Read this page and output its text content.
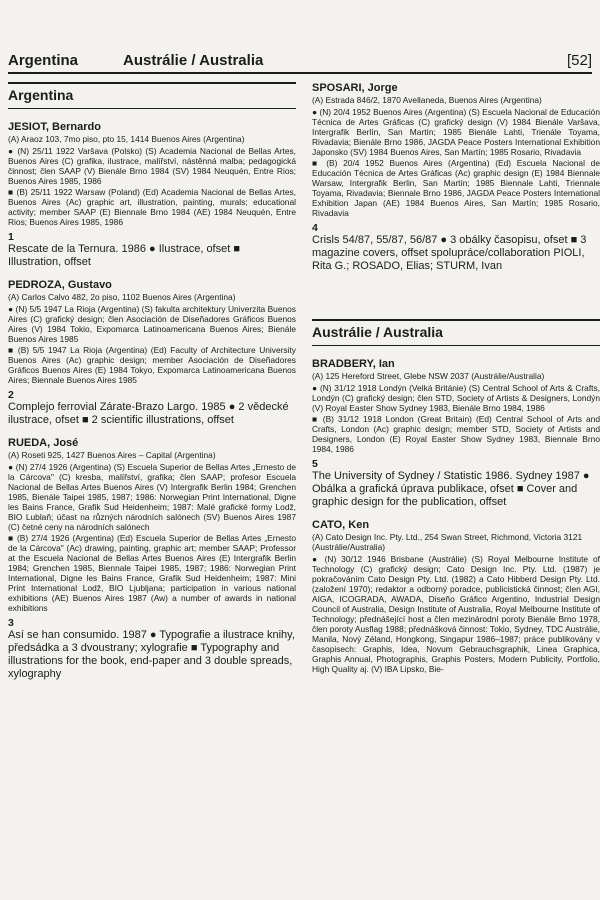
Argentina	Austrálie / Australia	[52]
Argentina
JESIOT, Bernardo
(A) Araoz 103, 7mo piso, pto 15, 1414 Buenos Aires (Argentina)
● (N) 25/11 1922 Varšava (Polsko) (S) Academia Nacional de Bellas Artes, Buenos Aires (C) grafika, ilustrace, malířství, nástěnná malba; pedagogická činnost; člen SAAP (V) Bienále Brno 1984 (SV) 1984 Neuquén, Entre Rios; Buenos Aires 1985, 1986
■ (B) 25/11 1922 Warsaw (Poland) (Ed) Academia Nacional de Bellas Artes, Buenos Aires (Ac) graphic art, illustration, painting, murals; educational activity; member SAAP (E) Biennale Brno 1984 (AE) 1984 Neuquén, Entre Rios; Buenos Aires 1985, 1986
1
Rescate de la Ternura. 1986 ● Ilustrace, ofset ■ Illustration, offset
PEDROZA, Gustavo
(A) Carlos Calvo 482, 2o piso, 1102 Buenos Aires (Argentina)
● (N) 5/5 1947 La Rioja (Argentina) (S) fakulta architektury Univerzita Buenos Aires (C) grafický design; člen Asociación de Diseñadores Gráficos Buenos Aires (V) 1984 Tokio, Expomarca Latinoamericana Buenos Aires; Bienále Buenos Aires 1985
■ (B) 5/5 1947 La Rioja (Argentina) (Ed) Faculty of Architecture University Buenos Aires (Ac) graphic design; member Asociación de Diseñadores Gráficos Buenos Aires (E) 1984 Tokyo, Expomarca Latinoamericana Buenos Aires; Biennale Buenos Aires 1985
2
Complejo ferrovial Zárate-Brazo Largo. 1985 ● 2 vědecké ilustrace, ofset ■ 2 scientific illustrations, offset
RUEDA, José
(A) Roseti 925, 1427 Buenos Aires – Capital (Argentina)
● (N) 27/4 1926 (Argentina) (S) Escuela Superior de Bellas Artes „Ernesto de la Cárcova" (C) kresba, malířství, grafika; člen SAAP; profesor Escuela Nacional de Bellas Artes Buenos Aires (V) Intergrafik Berlin 1984; Grenchen 1985, Bienále Taipei 1985, 1987; 1986: Norwegian Print International, Digne les Bains France, Grafik Sud Heidenheim; 1987: Malé grafické formy Lodž, BIO Lublaň; účast na různých národních salónech (SV) Buenos Aires 1987 (C) četné ceny na národních salónech
■ (B) 27/4 1926 (Argentina) (Ed) Escuela Superior de Bellas Artes „Ernesto de la Cárcova" (Ac) drawing, painting, graphic art; member SAAP; Professor at the Escuela Nacional de Bellas Artes Buenos Aires (E) Intergrafik Berlin 1984; Grenchen 1985, Biennale Taipei 1985, 1987; 1986: Norwegian Print International, Digne les Bains France, Grafik Sud Heidenheim; 1987: Mini Print International Lodž, BIO Ljubljana; participation in various national exhibitions (AE) Buenos Aires 1987 (Aw) a number of awards in national exhibitions
3
Así se han consumido. 1987 ● Typografie a ilustrace knihy, předsádka a 3 dvoustrany; xylografie ■ Typography and illustrations for the book, end-paper and 3 double spreads, xylography
SPOSARI, Jorge
(A) Estrada 846/2, 1870 Avellaneda, Buenos Aires (Argentina)
● (N) 20/4 1952 Buenos Aires (Argentina) (S) Escuela Nacional de Educación Técnica de Artes Gráficas (C) grafický design (V) 1984 Bienále Varšava, Intergrafik Berlín, San Martín; 1985 Bienále Lahti, Trienále Toyama, Rivadavia; Bienále Brno 1986, JAGDA Peace Posters International Exhibition Japonsko (SV) 1984 Buenos Aires, San Martín; 1985 Rosario, Rivadavia
■ (B) 20/4 1952 Buenos Aires (Argentina) (Ed) Escuela Nacional de Educación Técnica de Artes Gráficas (Ac) graphic design (E) 1984 Biennale Warsaw, Intergrafik Berlin, San Martín; 1985 Biennale Lahti, Triennale Toyama, Rivadavia; Biennale Brno 1986, JAGDA Peace Posters International Exhibition Japan (AE) 1984 Buenos Aires, San Martín; 1985 Rosario, Rivadavia
4
Crisls 54/87, 55/87, 56/87 ● 3 obálky časopisu, ofset ■ 3 magazine covers, offset spolupráce/collaboration PIOLI, Rita G.; ROSADO, Elias; STURM, Ivan
Austrálie / Australia
BRADBERY, Ian
(A) 125 Hereford Street, Glebe NSW 2037 (Austrálie/Australia)
● (N) 31/12 1918 Londýn (Velká Británie) (S) Central School of Arts & Crafts, Londýn (C) grafický design; člen STD, Society of Artists & Designers, Londýn (V) Royal Easter Show Sydney 1983, Bienále Brno 1984, 1986
■ (B) 31/12 1918 London (Great Britain) (Ed) Central School of Arts and Crafts, London (Ac) graphic design; member STD, Society of Artists and Designers, London (E) Royal Easter Show Sydney 1983, Biennale Brno 1984, 1986
5
The University of Sydney / Statistic 1986. Sydney 1987 ● Obálka a grafická úprava publikace, ofset ■ Cover and graphic design for the publication, offset
CATO, Ken
(A) Cato Design Inc. Pty. Ltd., 254 Swan Street, Richmond, Victoria 3121 (Austrálie/Australia)
● (N) 30/12 1946 Brisbane (Austrálie) (S) Royal Melbourne Institute of Technology (C) grafický design; Cato Design Inc. Pty. Ltd. (1987) je pokračováním Cato Design Pty. Ltd. (1982) a Cato Hibberd Design Pty. Ltd. (založení 1970); redaktor a odborný poradce, publicistická činnost; člen AGI, AIGA, ICOGRADA, AWADA, Diseño Gráfico Argentino, Industrial Design Council of Australia, Design Institute of Australia, Royal Melbourne Institute of Technology; přednášející host a člen mezinárodní poroty Bienále Brno 1978, člen poroty Ausflag 1988; přednášková činnost: Tokio, Sydney, TDC Austrálie, Manila, Nový Zéland, Hongkong, Singapur 1986–1987; práce publikovány v časopisech: Graphis, Idea, Novum Gebrauchsgraphik, Linea Graphica, Graphis Annual, Photographis, Graphis Posters, Modern Publicity, Portfolio, High Quality aj. (V) IBA Lipsko, Bie-
